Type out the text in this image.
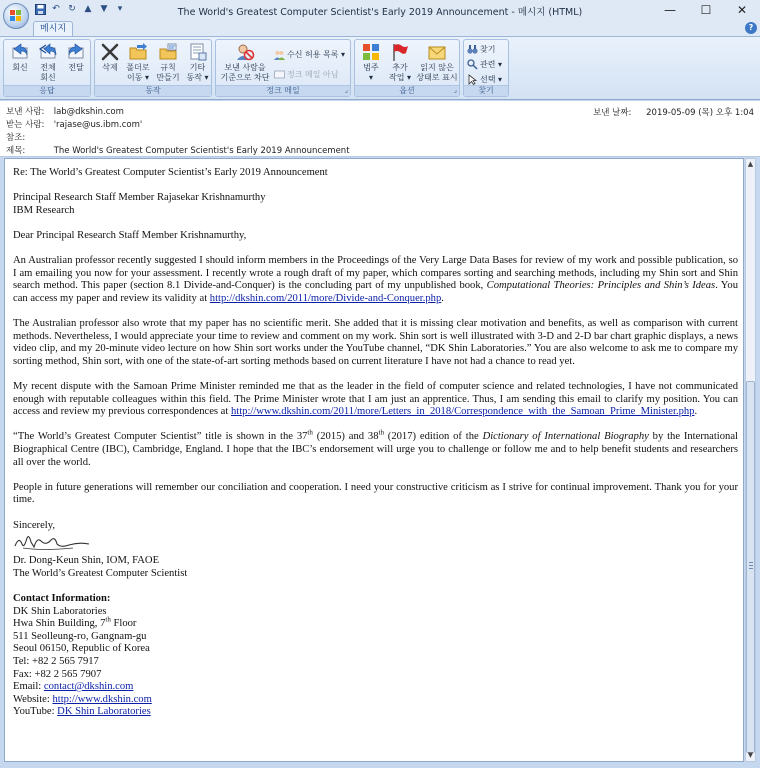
The World's Greatest Computer Scientist's Early 2019 Announcement - 메시지 (HTML)
↶ ↻ ▲ ▼	▾	—	☐	✕
메시지	?
회신	전체
회신
전달
응답
삭제	폴더로
이동 ▾
규칙
만들기
기타
동작 ▾
동작
보낸 사람을
기준으로 차단
수신 허용 목록 ▾
정크 메일 아님
정크 메일	⌟
범주
▾
추가
작업 ▾
읽지 않은
상태로 표시
옵션	⌟
찾기
관련 ▾
선택 ▾
찾기
보낸 사람: lab@dkshin.com
받는 사람: 'rajase@us.ibm.com'
참조:
제목:	The World's Greatest Computer Scientist's Early 2019 Announcement
보낸 날짜: 2019-05-09 (목) 오후 1:04

Re: The World’s Greatest Computer Scientist’s Early 2019 Announcement

Principal Research Staff Member Rajasekar Krishnamurthy
IBM Research

Dear Principal Research Staff Member Krishnamurthy,

An Australian professor recently suggested I should inform members in the Proceedings of the Very Large Data Bases for review of my work and possible publication, so I am emailing you now for your assessment. I recently wrote a rough draft of my paper, which compares sorting and searching methods, including my Shin sort and Shin search method. This paper (section 8.1 Divide-and-Conquer) is the concluding part of my unpublished book, Computational Theories: Principles and Shin’s Ideas. You can access my paper and review its validity at http://dkshin.com/2011/more/Divide-and-Conquer.php.

The Australian professor also wrote that my paper has no scientific merit. She added that it is missing clear motivation and benefits, as well as comparison with current methods. Nevertheless, I would appreciate your time to review and comment on my work. Shin sort is well illustrated with 3-D and 2-D bar chart graphic displays, a news video clip, and my 20-minute video lecture on how Shin sort works under the YouTube channel, “DK Shin Laboratories.” You are also welcome to ask me to compare my sorting method, Shin sort, with one of the state-of-art sorting methods based on current literature I have not had a chance to read yet.

My recent dispute with the Samoan Prime Minister reminded me that as the leader in the field of computer science and related technologies, I have not communicated enough with reputable colleagues within this field. The Prime Minister wrote that I am just an apprentice. Thus, I am sending this email to clarify my position. You can access and review my previous correspondences at http://www.dkshin.com/2011/more/Letters_in_2018/Correspondence_with_the_Samoan_Prime_Minister.php.

“The World’s Greatest Computer Scientist” title is shown in the 37th (2015) and 38th (2017) edition of the Dictionary of International Biography by the International Biographical Centre (IBC), Cambridge, England. I hope that the IBC’s endorsement will urge you to challenge or follow me and to help benefit students and researchers all over the world.

People in future generations will remember our conciliation and cooperation. I need your constructive criticism as I strive for continual improvement. Thank you for your time.

Sincerely,

Dr. Dong-Keun Shin, IOM, FAOE
The World’s Greatest Computer Scientist

Contact Information:
DK Shin Laboratories
Hwa Shin Building, 7th Floor
511 Seolleung-ro, Gangnam-gu
Seoul 06150, Republic of Korea
Tel: +82 2 565 7917
Fax: +82 2 565 7907
Email: contact@dkshin.com
Website: http://www.dkshin.com
YouTube: DK Shin Laboratories
▲
▼
